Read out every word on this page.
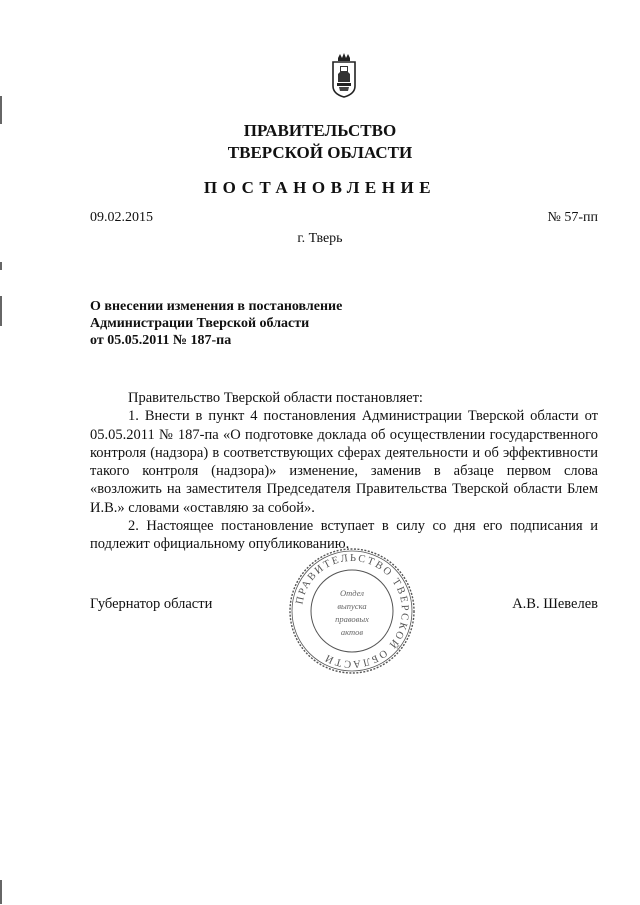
ПРАВИТЕЛЬСТВО
ТВЕРСКОЙ ОБЛАСТИ
ПОСТАНОВЛЕНИЕ
09.02.2015	№ 57-пп
г. Тверь
О внесении изменения в постановление
Администрации Тверской области
от 05.05.2011 № 187-па

Правительство Тверской области постановляет:

1. Внести в пункт 4 постановления Администрации Тверской области от 05.05.2011 № 187-па «О подготовке доклада об осуществлении государственного контроля (надзора) в соответствующих сферах деятельности и об эффективности такого контроля (надзора)» изменение, заменив в абзаце первом слова «возложить на заместителя Председателя Правительства Тверской области Блем И.В.» словами «оставляю за собой».

2. Настоящее постановление вступает в силу со дня его подписания и подлежит официальному опубликованию.

Губернатор области	А.В. Шевелев
ПРАВИТЕЛЬСТВО ТВЕРСКОЙ ОБЛАСТИ
Отдел
выпуска
правовых
актов
